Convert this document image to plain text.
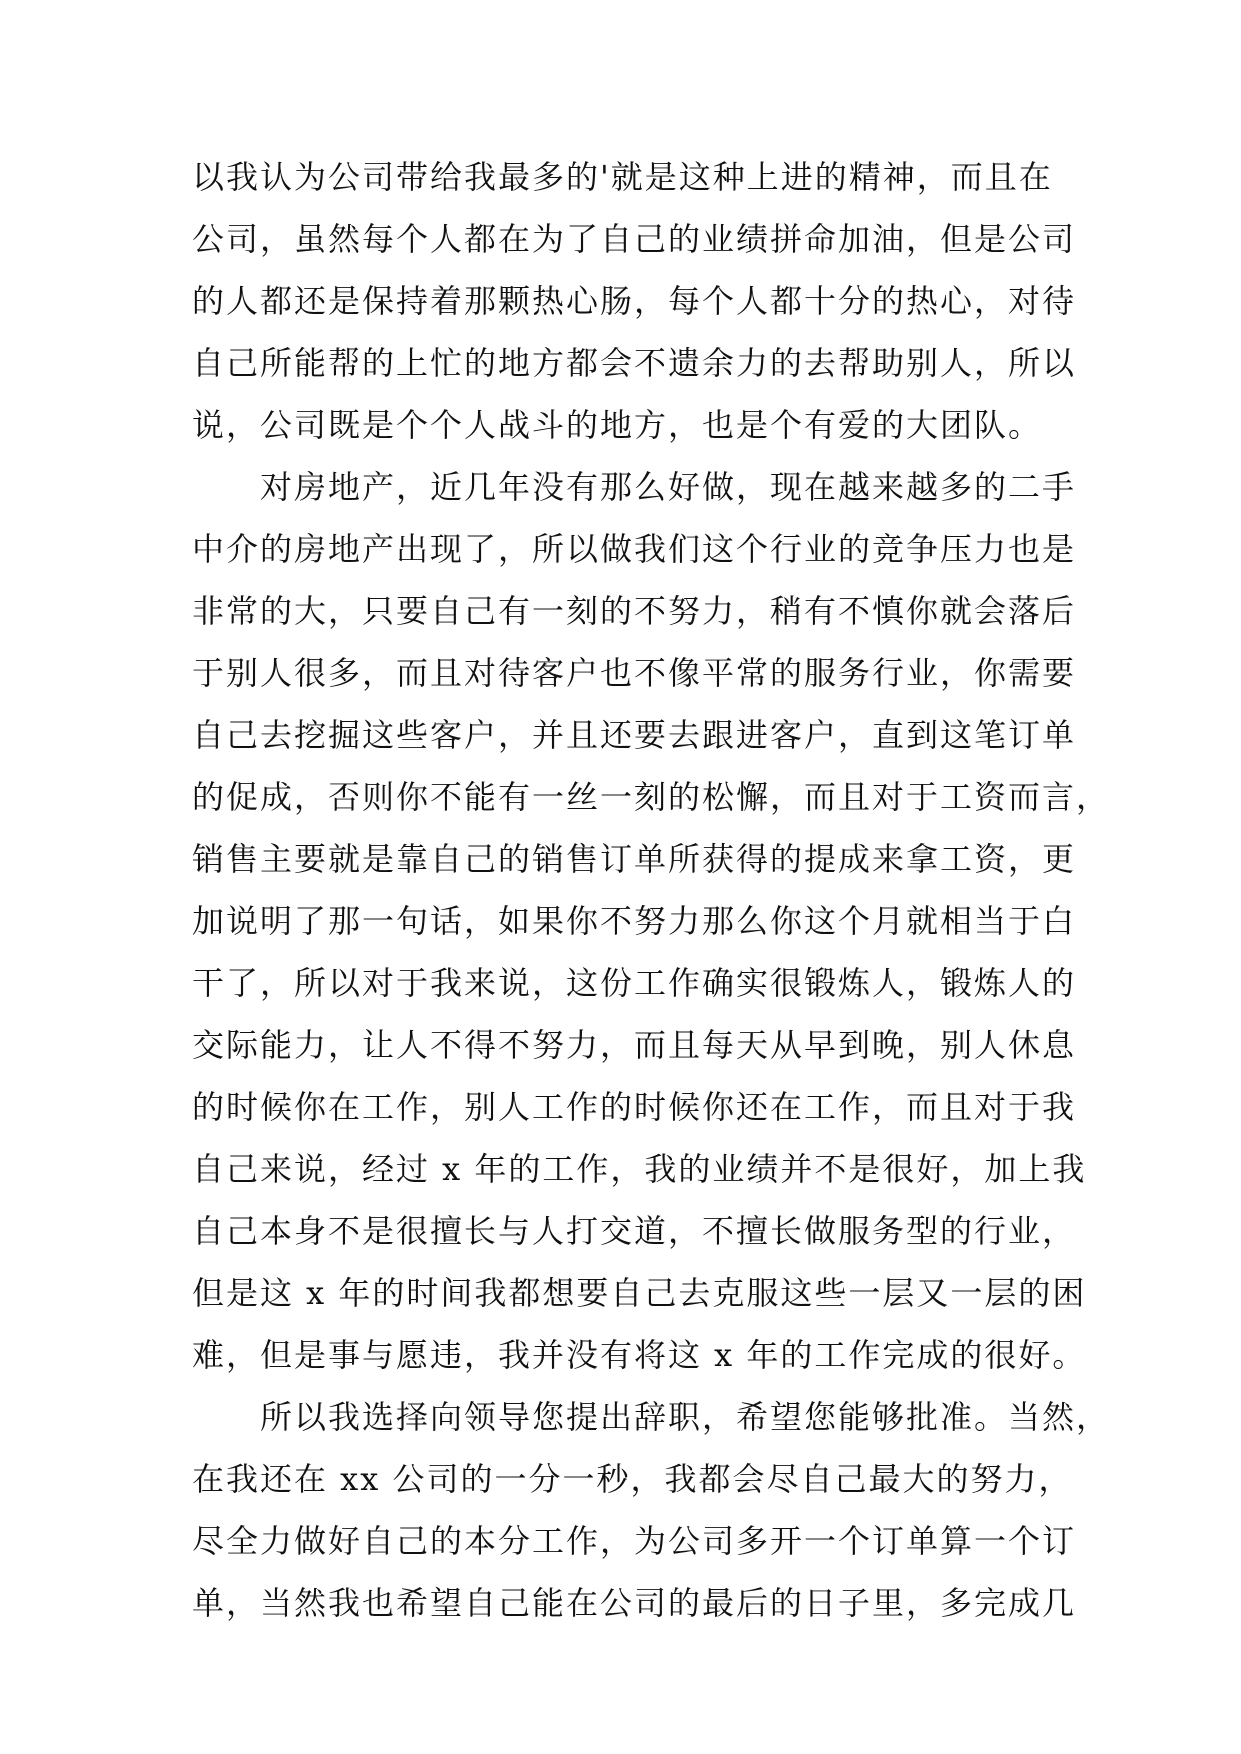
以我认为公司带给我最多的'就是这种上进的精神，而且在
公司，虽然每个人都在为了自己的业绩拼命加油，但是公司
的人都还是保持着那颗热心肠，每个人都十分的热心，对待
自己所能帮的上忙的地方都会不遗余力的去帮助别人，所以
说，公司既是个个人战斗的地方，也是个有爱的大团队。
　　对房地产，近几年没有那么好做，现在越来越多的二手
中介的房地产出现了，所以做我们这个行业的竞争压力也是
非常的大，只要自己有一刻的不努力，稍有不慎你就会落后
于别人很多，而且对待客户也不像平常的服务行业，你需要
自己去挖掘这些客户，并且还要去跟进客户，直到这笔订单
的促成，否则你不能有一丝一刻的松懈，而且对于工资而言，
销售主要就是靠自己的销售订单所获得的提成来拿工资，更
加说明了那一句话，如果你不努力那么你这个月就相当于白
干了，所以对于我来说，这份工作确实很锻炼人，锻炼人的
交际能力，让人不得不努力，而且每天从早到晚，别人休息
的时候你在工作，别人工作的时候你还在工作，而且对于我
自己来说，经过 x 年的工作，我的业绩并不是很好，加上我
自己本身不是很擅长与人打交道，不擅长做服务型的行业，
但是这 x 年的时间我都想要自己去克服这些一层又一层的困
难，但是事与愿违，我并没有将这 x 年的工作完成的很好。
　　所以我选择向领导您提出辞职，希望您能够批准。当然，
在我还在 xx 公司的一分一秒，我都会尽自己最大的努力，
尽全力做好自己的本分工作，为公司多开一个订单算一个订
单，当然我也希望自己能在公司的最后的日子里，多完成几
